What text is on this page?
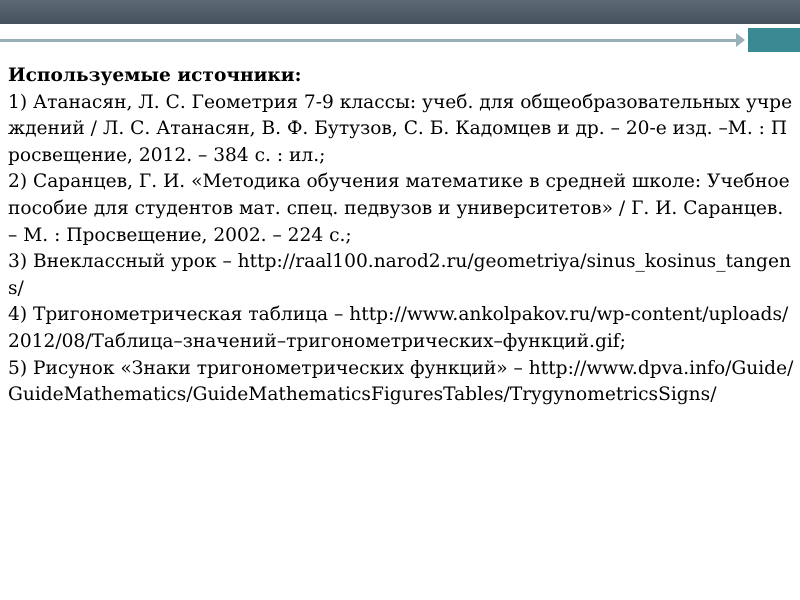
Используемые источники:
1) Атанасян, Л. С. Геометрия 7-9 классы: учеб. для общеобразовательных учреждений / Л. С. Атанасян, В. Ф. Бутузов, С. Б. Кадомцев и др. – 20-е изд. –М. : Просвещение, 2012. – 384 с. : ил.;
2) Саранцев, Г. И. «Методика обучения математике в средней школе: Учебное пособие для студентов мат. спец. педвузов и университетов» / Г. И. Саранцев. – М. : Просвещение, 2002. – 224 с.;
3) Внеклассный урок – http://raal100.narod2.ru/geometriya/sinus_kosinus_tangens/
4) Тригонометрическая таблица – http://www.ankolpakov.ru/wp-content/uploads/2012/08/Таблица–значений–тригонометрических–функций.gif;
5) Рисунок «Знаки тригонометрических функций» – http://www.dpva.info/Guide/GuideMathematics/GuideMathematicsFiguresTables/TrygynometricsSigns/
